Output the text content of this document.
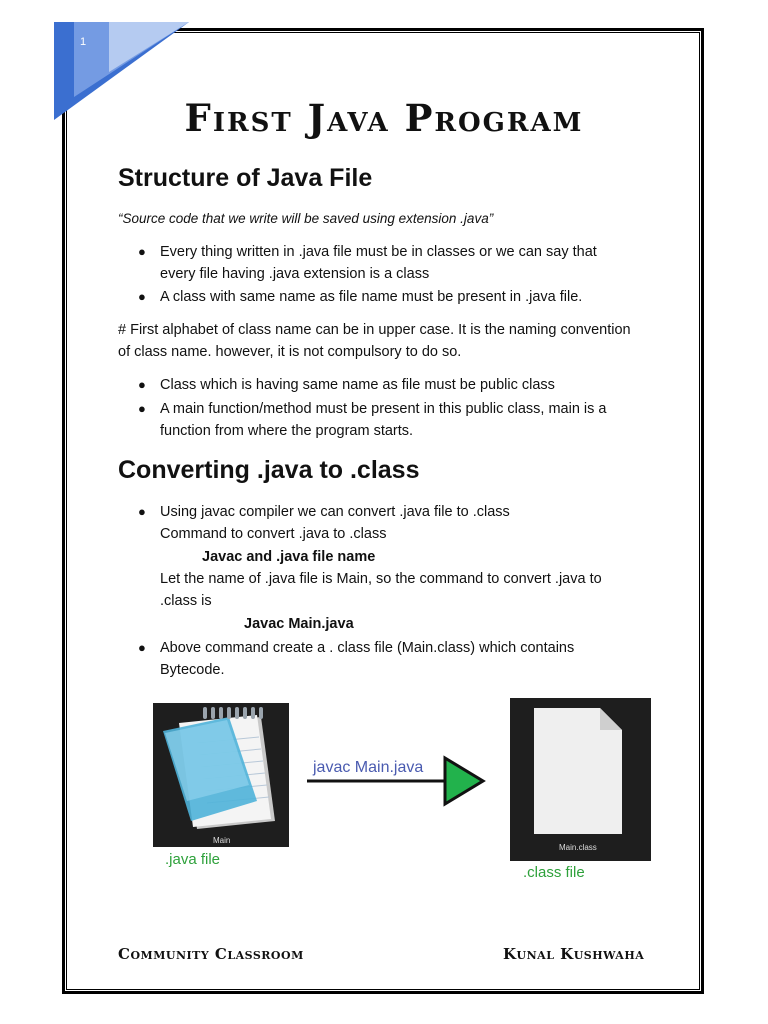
1
First Java Program
Structure of Java File
“Source code that we write will be saved using extension .java”
● Every thing written in .java file must be in classes or we can say that
every file having .java extension is a class
● A class with same name as file name must be present in .java file.
# First alphabet of class name can be in upper case. It is the naming convention
of class name. however, it is not compulsory to do so.
● Class which is having same name as file must be public class
● A main function/method must be present in this public class, main is a
function from where the program starts.
Converting .java to .class
● Using javac compiler we can convert .java file to .class
Command to convert .java to .class
Javac and .java file name
Let the name of .java file is Main, so the command to convert .java to
.class is
Javac Main.java
● Above command create a . class file (Main.class) which contains
Bytecode.
Main
.java file
javac Main.java
Main.class
.class file
Community Classroom	Kunal Kushwaha
